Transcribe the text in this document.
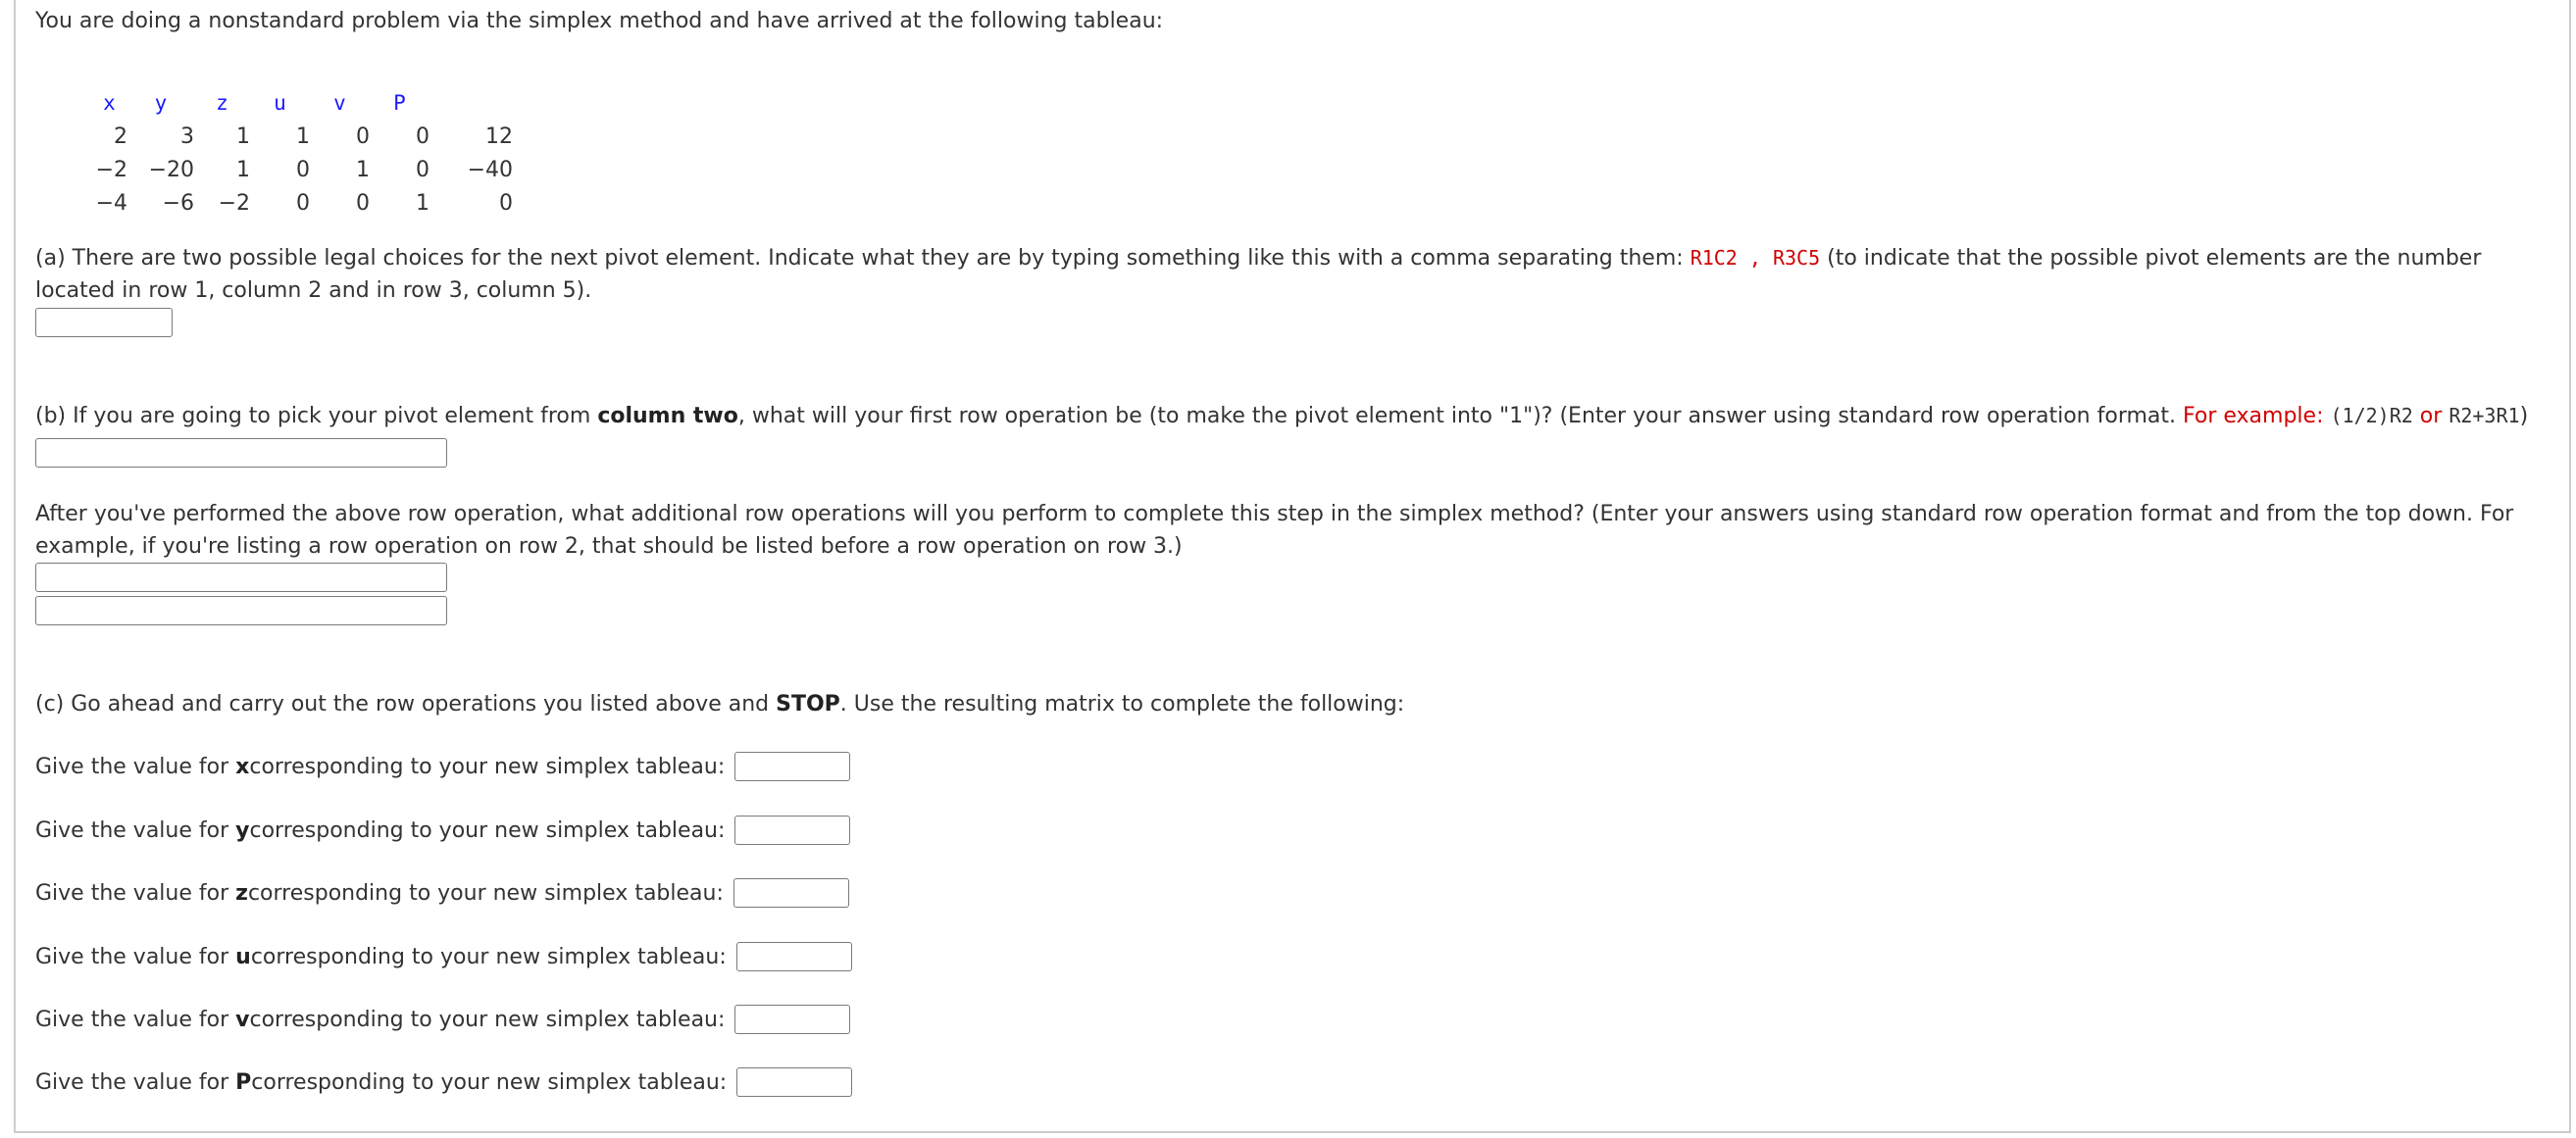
You are doing a nonstandard problem via the simplex method and have arrived at the following tableau:

x	y	z	u	v	P	
2	3	1	1	0	0	12
−2	−20	1	0	1	0	−40
−4	−6	−2	0	0	1	0

(a) There are two possible legal choices for the next pivot element. Indicate what they are by typing something like this with a comma separating them: R1C2 , R3C5 (to indicate that the possible pivot elements are the number located in row 1, column 2 and in row 3, column 5).

(b) If you are going to pick your pivot element from column two, what will your first row operation be (to make the pivot element into "1")? (Enter your answer using standard row operation format. For example: (1/2)R2 or R2+3R1)

After you've performed the above row operation, what additional row operations will you perform to complete this step in the simplex method? (Enter your answers using standard row operation format and from the top down. For example, if you're listing a row operation on row 2, that should be listed before a row operation on row 3.)

(c) Go ahead and carry out the row operations you listed above and STOP. Use the resulting matrix to complete the following:

Give the value for
x corresponding to your new simplex tableau:
Give the value for
y corresponding to your new simplex tableau:
Give the value for
z corresponding to your new simplex tableau:
Give the value for
u corresponding to your new simplex tableau:
Give the value for
v corresponding to your new simplex tableau:
Give the value for
P corresponding to your new simplex tableau:
